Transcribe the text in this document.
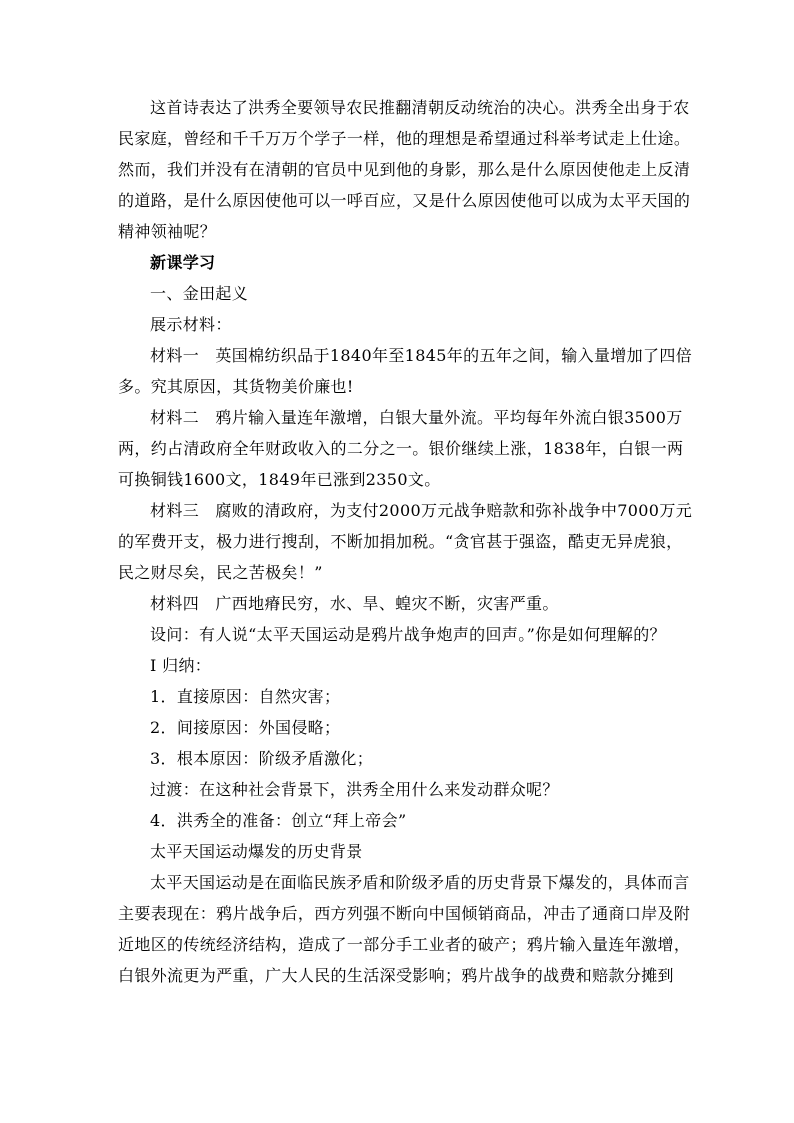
这首诗表达了洪秀全要领导农民推翻清朝反动统治的决心。洪秀全出身于农
民家庭，曾经和千千万万个学子一样，他的理想是希望通过科举考试走上仕途。
然而，我们并没有在清朝的官员中见到他的身影，那么是什么原因使他走上反清
的道路，是什么原因使他可以一呼百应，又是什么原因使他可以成为太平天国的
精神领袖呢？
新课学习
一、金田起义
展示材料：
材料一　英国棉纺织品于1840年至1845年的五年之间，输入量增加了四倍
多。究其原因，其货物美价廉也!
材料二　鸦片输入量连年激增，白银大量外流。平均每年外流白银3500万
两，约占清政府全年财政收入的二分之一。银价继续上涨，1838年，白银一两
可换铜钱1600文，1849年已涨到2350文。
材料三　腐败的清政府，为支付2000万元战争赔款和弥补战争中7000万元
的军费开支，极力进行搜刮，不断加捐加税。“贪官甚于强盗，酷吏无异虎狼，
民之财尽矣，民之苦极矣！”
材料四　广西地瘠民穷，水、旱、蝗灾不断，灾害严重。
设问：有人说“太平天国运动是鸦片战争炮声的回声。”你是如何理解的？
I 归纳：
1．直接原因：自然灾害；
2．间接原因：外国侵略；
3．根本原因：阶级矛盾激化；
过渡：在这种社会背景下，洪秀全用什么来发动群众呢？
4．洪秀全的准备：创立“拜上帝会”
太平天国运动爆发的历史背景
太平天国运动是在面临民族矛盾和阶级矛盾的历史背景下爆发的，具体而言
主要表现在：鸦片战争后，西方列强不断向中国倾销商品，冲击了通商口岸及附
近地区的传统经济结构，造成了一部分手工业者的破产；鸦片输入量连年激增，
白银外流更为严重，广大人民的生活深受影响；鸦片战争的战费和赔款分摊到
